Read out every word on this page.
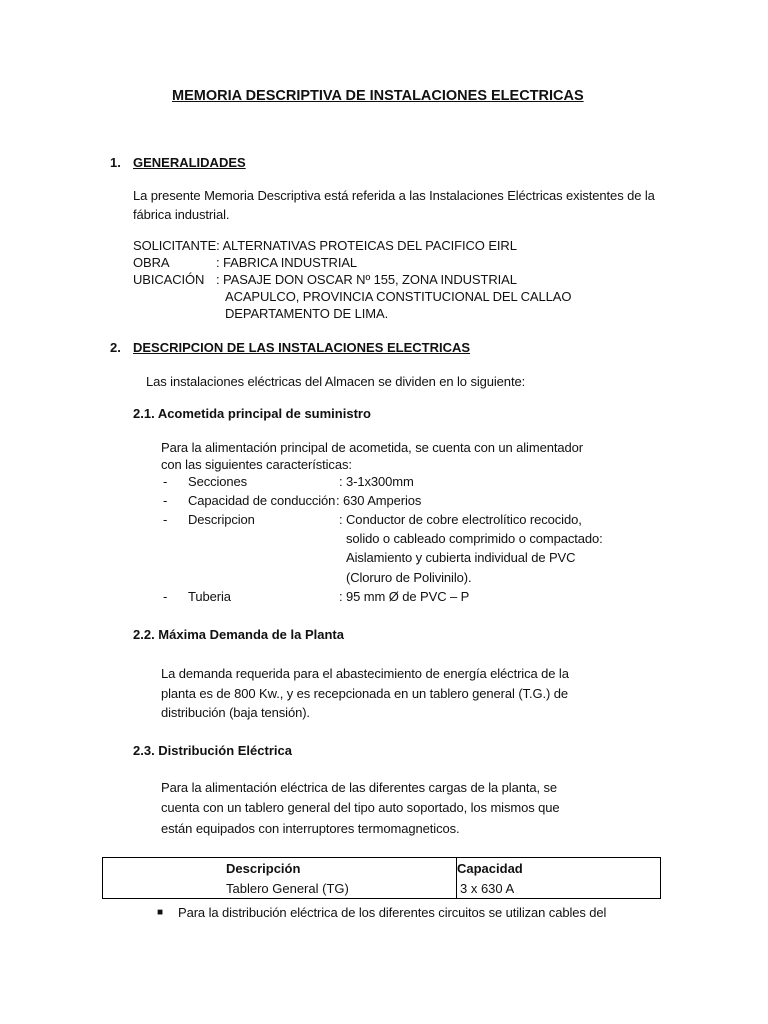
MEMORIA DESCRIPTIVA DE INSTALACIONES ELECTRICAS
1. GENERALIDADES
La presente Memoria Descriptiva está referida a las Instalaciones Eléctricas existentes de la
fábrica industrial.
SOLICITANTE: ALTERNATIVAS PROTEICAS DEL PACIFICO EIRL
OBRA	: FABRICA INDUSTRIAL
UBICACIÓN : PASAJE DON OSCAR Nº 155, ZONA INDUSTRIAL
ACAPULCO, PROVINCIA CONSTITUCIONAL DEL CALLAO
DEPARTAMENTO DE LIMA.
2. DESCRIPCION DE LAS INSTALACIONES ELECTRICAS
Las instalaciones eléctricas del Almacen se dividen en lo siguiente:
2.1. Acometida principal de suministro
Para la alimentación principal de acometida, se cuenta con un alimentador
con las siguientes características:
- Secciones	: 3-1x300mm
- Capacidad de conducción : 630 Amperios
- Descripcion	: Conductor de cobre electrolítico recocido,
solido o cableado comprimido o compactado:
Aislamiento y cubierta individual de PVC
(Cloruro de Polivinilo).
- Tuberia	: 95 mm Ø de PVC – P
2.2. Máxima Demanda de la Planta
La demanda requerida para el abastecimiento de energía eléctrica de la
planta es de 800 Kw., y es recepcionada en un tablero general (T.G.) de
distribución (baja tensión).
2.3. Distribución Eléctrica
Para la alimentación eléctrica de las diferentes cargas de la planta, se
cuenta con un tablero general del tipo auto soportado, los mismos que
están equipados con interruptores termomagneticos.
Descripción	Capacidad
Tablero General (TG)	3 x 630 A
■ Para la distribución eléctrica de los diferentes circuitos se utilizan cables del
